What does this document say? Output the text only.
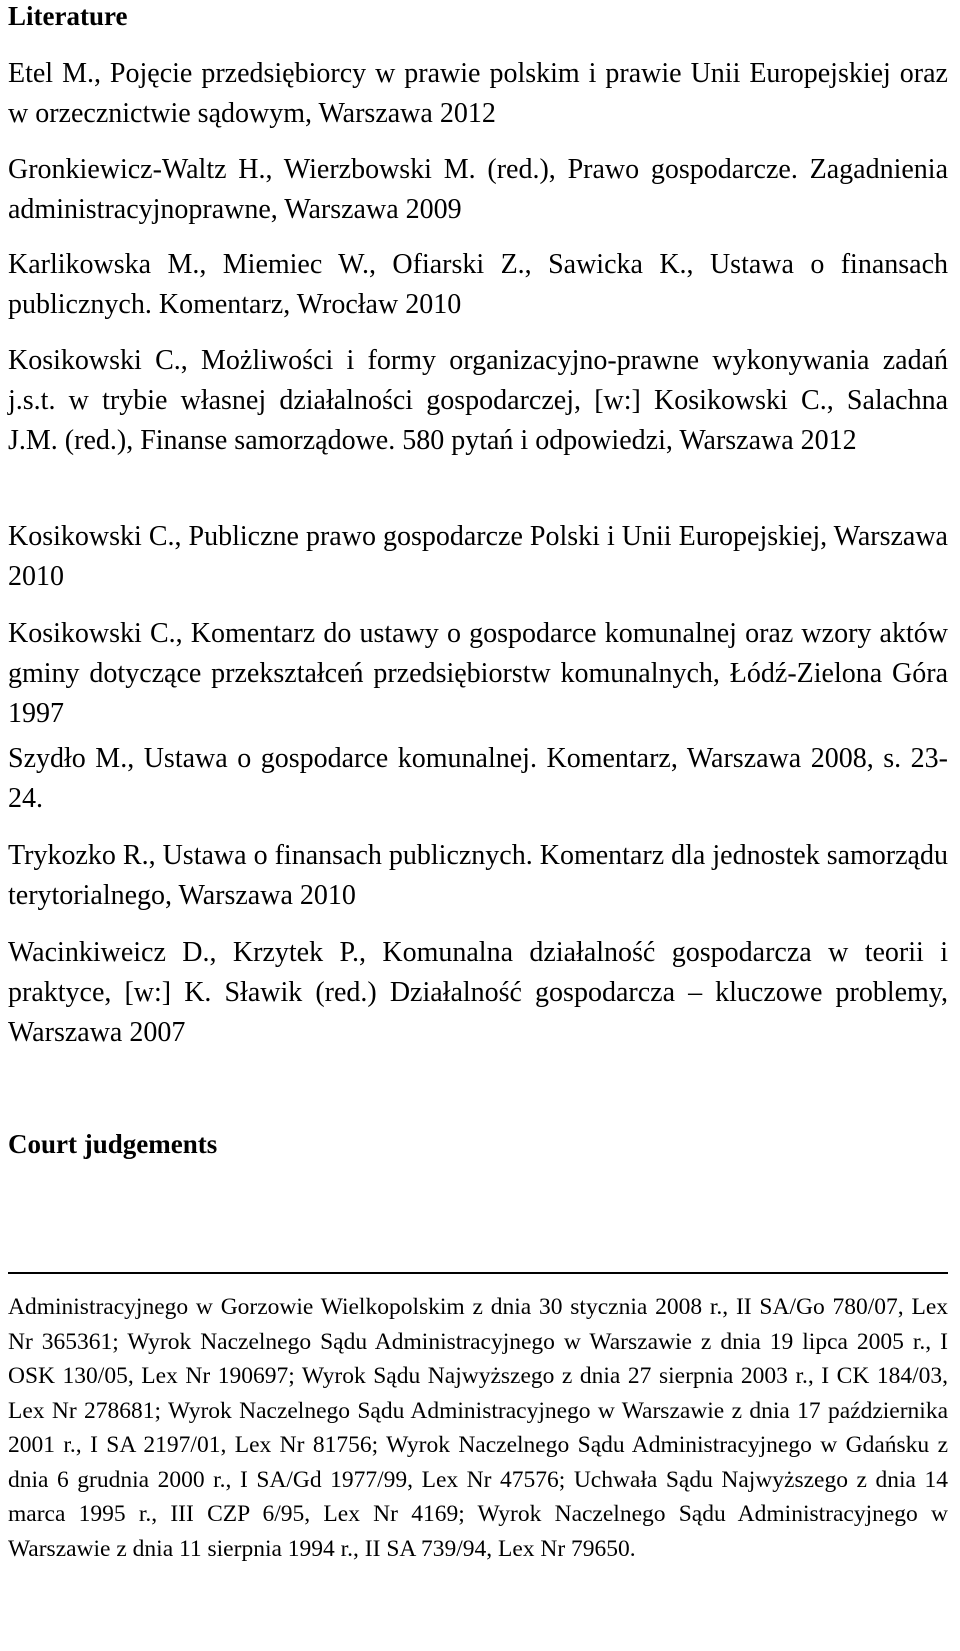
Literature

Etel M., Pojęcie przedsiębiorcy w prawie polskim i prawie Unii Europejskiej oraz w orzecznictwie sądowym, Warszawa 2012

Gronkiewicz-Waltz H., Wierzbowski M. (red.), Prawo gospodarcze. Zagadnienia administracyjnoprawne, Warszawa 2009

Karlikowska M., Miemiec W., Ofiarski Z., Sawicka K., Ustawa o finansach publicznych. Komentarz, Wrocław 2010

Kosikowski C., Możliwości i formy organizacyjno-prawne wykonywania zadań j.s.t. w trybie własnej działalności gospodarczej, [w:] Kosikowski C., Salachna J.M. (red.), Finanse samorządowe. 580 pytań i odpowiedzi, Warszawa 2012

Kosikowski C., Publiczne prawo gospodarcze Polski i Unii Europejskiej, Warszawa 2010

Kosikowski C., Komentarz do ustawy o gospodarce komunalnej oraz wzory aktów gminy dotyczące przekształceń przedsiębiorstw komunalnych, Łódź-Zielona Góra 1997

Szydło M., Ustawa o gospodarce komunalnej. Komentarz, Warszawa 2008, s. 23-24.

Trykozko R., Ustawa o finansach publicznych. Komentarz dla jednostek samorządu terytorialnego, Warszawa 2010

Wacinkiweicz D., Krzytek P., Komunalna działalność gospodarcza w teorii i praktyce, [w:] K. Sławik (red.) Działalność gospodarcza – kluczowe problemy, Warszawa 2007

Court judgements

Administracyjnego w Gorzowie Wielkopolskim z dnia 30 stycznia 2008 r., II SA/Go 780/07, Lex Nr 365361; Wyrok Naczelnego Sądu Administracyjnego w Warszawie z dnia 19 lipca 2005 r., I OSK 130/05, Lex Nr 190697; Wyrok Sądu Najwyższego z dnia 27 sierpnia 2003 r., I CK 184/03, Lex Nr 278681; Wyrok Naczelnego Sądu Administracyjnego w Warszawie z dnia 17 października 2001 r., I SA 2197/01, Lex Nr 81756; Wyrok Naczelnego Sądu Administracyjnego w Gdańsku z dnia 6 grudnia 2000 r., I SA/Gd 1977/99, Lex Nr 47576; Uchwała Sądu Najwyższego z dnia 14 marca 1995 r., III CZP 6/95, Lex Nr 4169; Wyrok Naczelnego Sądu Administracyjnego w Warszawie z dnia 11 sierpnia 1994 r., II SA 739/94, Lex Nr 79650.
